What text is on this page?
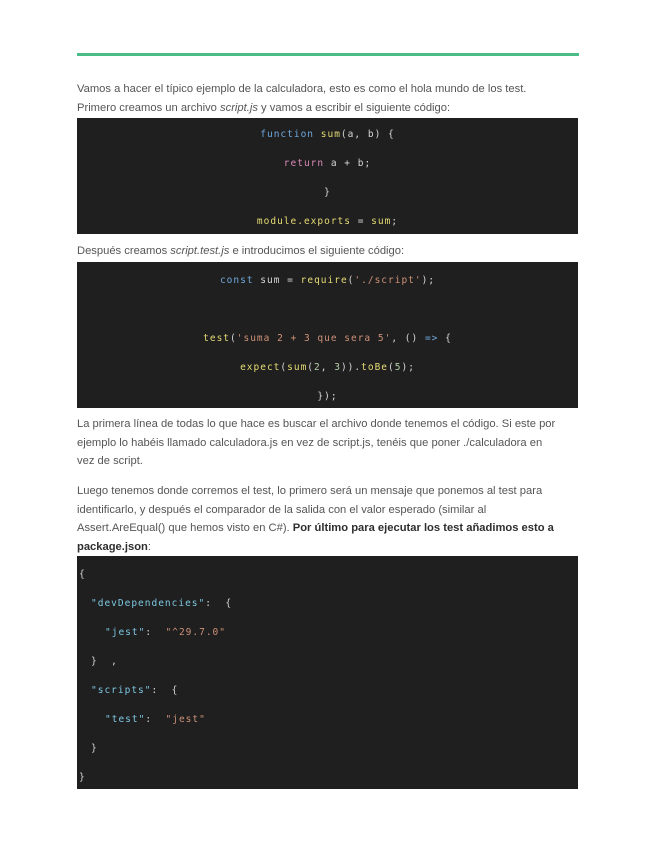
Vamos a hacer el típico ejemplo de la calculadora, esto es como el hola mundo de los test.
Primero creamos un archivo script.js y vamos a escribir el siguiente código:
function sum(a, b) {
return a + b;
}
module.exports = sum;
Después creamos script.test.js e introducimos el siguiente código:
const sum = require('./script');
test('suma 2 + 3 que sera 5', () => {
expect(sum(2, 3)).toBe(5);
});
La primera línea de todas lo que hace es buscar el archivo donde tenemos el código. Si este por
ejemplo lo habéis llamado calculadora.js en vez de script.js, tenéis que poner ./calculadora en
vez de script.
Luego tenemos donde corremos el test, lo primero será un mensaje que ponemos al test para
identificarlo, y después el comparador de la salida con el valor esperado (similar al
Assert.AreEqual() que hemos visto en C#). Por último para ejecutar los test añadimos esto a
package.json:
{
"devDependencies":  {
"jest":  "^29.7.0"
}  ,
"scripts":  {
"test":  "jest"
}
}
